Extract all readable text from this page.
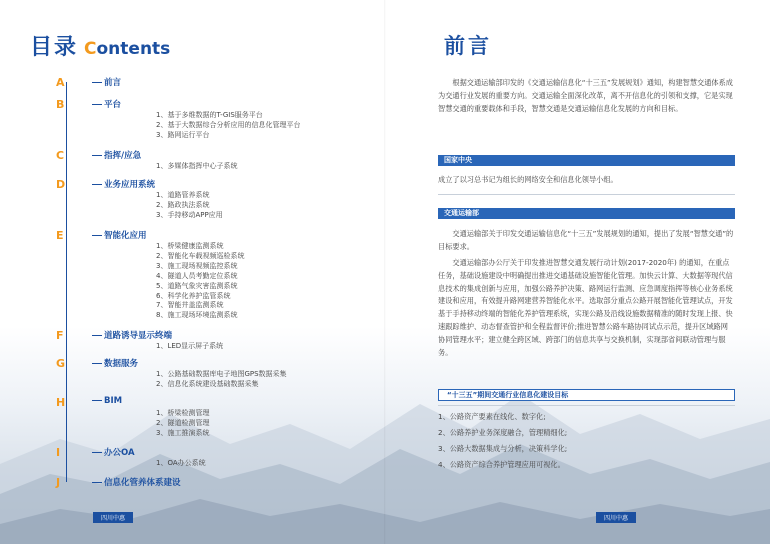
目录 Contents
A	前言
B	平台
1、基于多维数据的T-GIS服务平台
2、基于大数据综合分析应用的信息化管理平台
3、路网运行平台
C	指挥/应急
1、多媒体指挥中心子系统
D	业务应用系统
1、道路管养系统
2、路政执法系统
3、手持移动APP应用
E	智能化应用
1、桥梁健康监测系统
2、智能化车载视频巡检系统
3、施工现场视频监控系统
4、隧道人员考勤定位系统
5、道路气象灾害监测系统
6、科学化养护监管系统
7、智能井盖监测系统
8、施工现场环境监测系统
F	道路诱导显示终端
1、LED显示屏子系统
G	数据服务
1、公路基础数据库电子地图GPS数据采集
2、信息化系统建设基础数据采集
H	BIM
1、桥梁检测管理
2、隧道检测管理
3、施工推演系统
I	办公OA
1、OA办公系统
J	信息化管养体系建设
四川中惠
前言
根据交通运输部印发的《交通运输信息化“十三五”发展规划》通知，构建智慧交通体系成为交通行业发展的重要方向。交通运输全面深化改革，离不开信息化的引领和支撑，它是实现智慧交通的重要载体和手段，智慧交通是交通运输信息化发展的方向和目标。
国家中央
成立了以习总书记为组长的网络安全和信息化领导小组。
交通运输部
交通运输部关于印发交通运输信息化“十三五”发展规划的通知，提出了发展“智慧交通”的目标要求。
交通运输部办公厅关于印发推进智慧交通发展行动计划(2017-2020年) 的通知，在重点任务，基础设施建设中明确提出推进交通基础设施智能化管理。加快云计算、大数据等现代信息技术的集成创新与应用，加强公路养护决策、路网运行监测、应急调度指挥等核心业务系统建设和应用，有效提升路网建营养智能化水平。选取部分重点公路开展智能化管理试点，开发基于手持移动终端的智能化养护管理系统，实现公路及沿线设施数据精准的随时发现上报、快速跟踪维护、动态督查管护和全程监督评价;推进智慧公路车路协同试点示范，提升区域路网协同管理水平；建立健全跨区域、跨部门的信息共享与交换机制，实现部省间联动管理与服务。
“十三五”期间交通行业信息化建设目标
1、公路资产要素在线化、数字化;
2、公路养护业务深度融合，管理精细化;
3、公路大数据集成与分析，决策科学化;
4、公路资产综合养护管理应用可视化。
四川中惠
